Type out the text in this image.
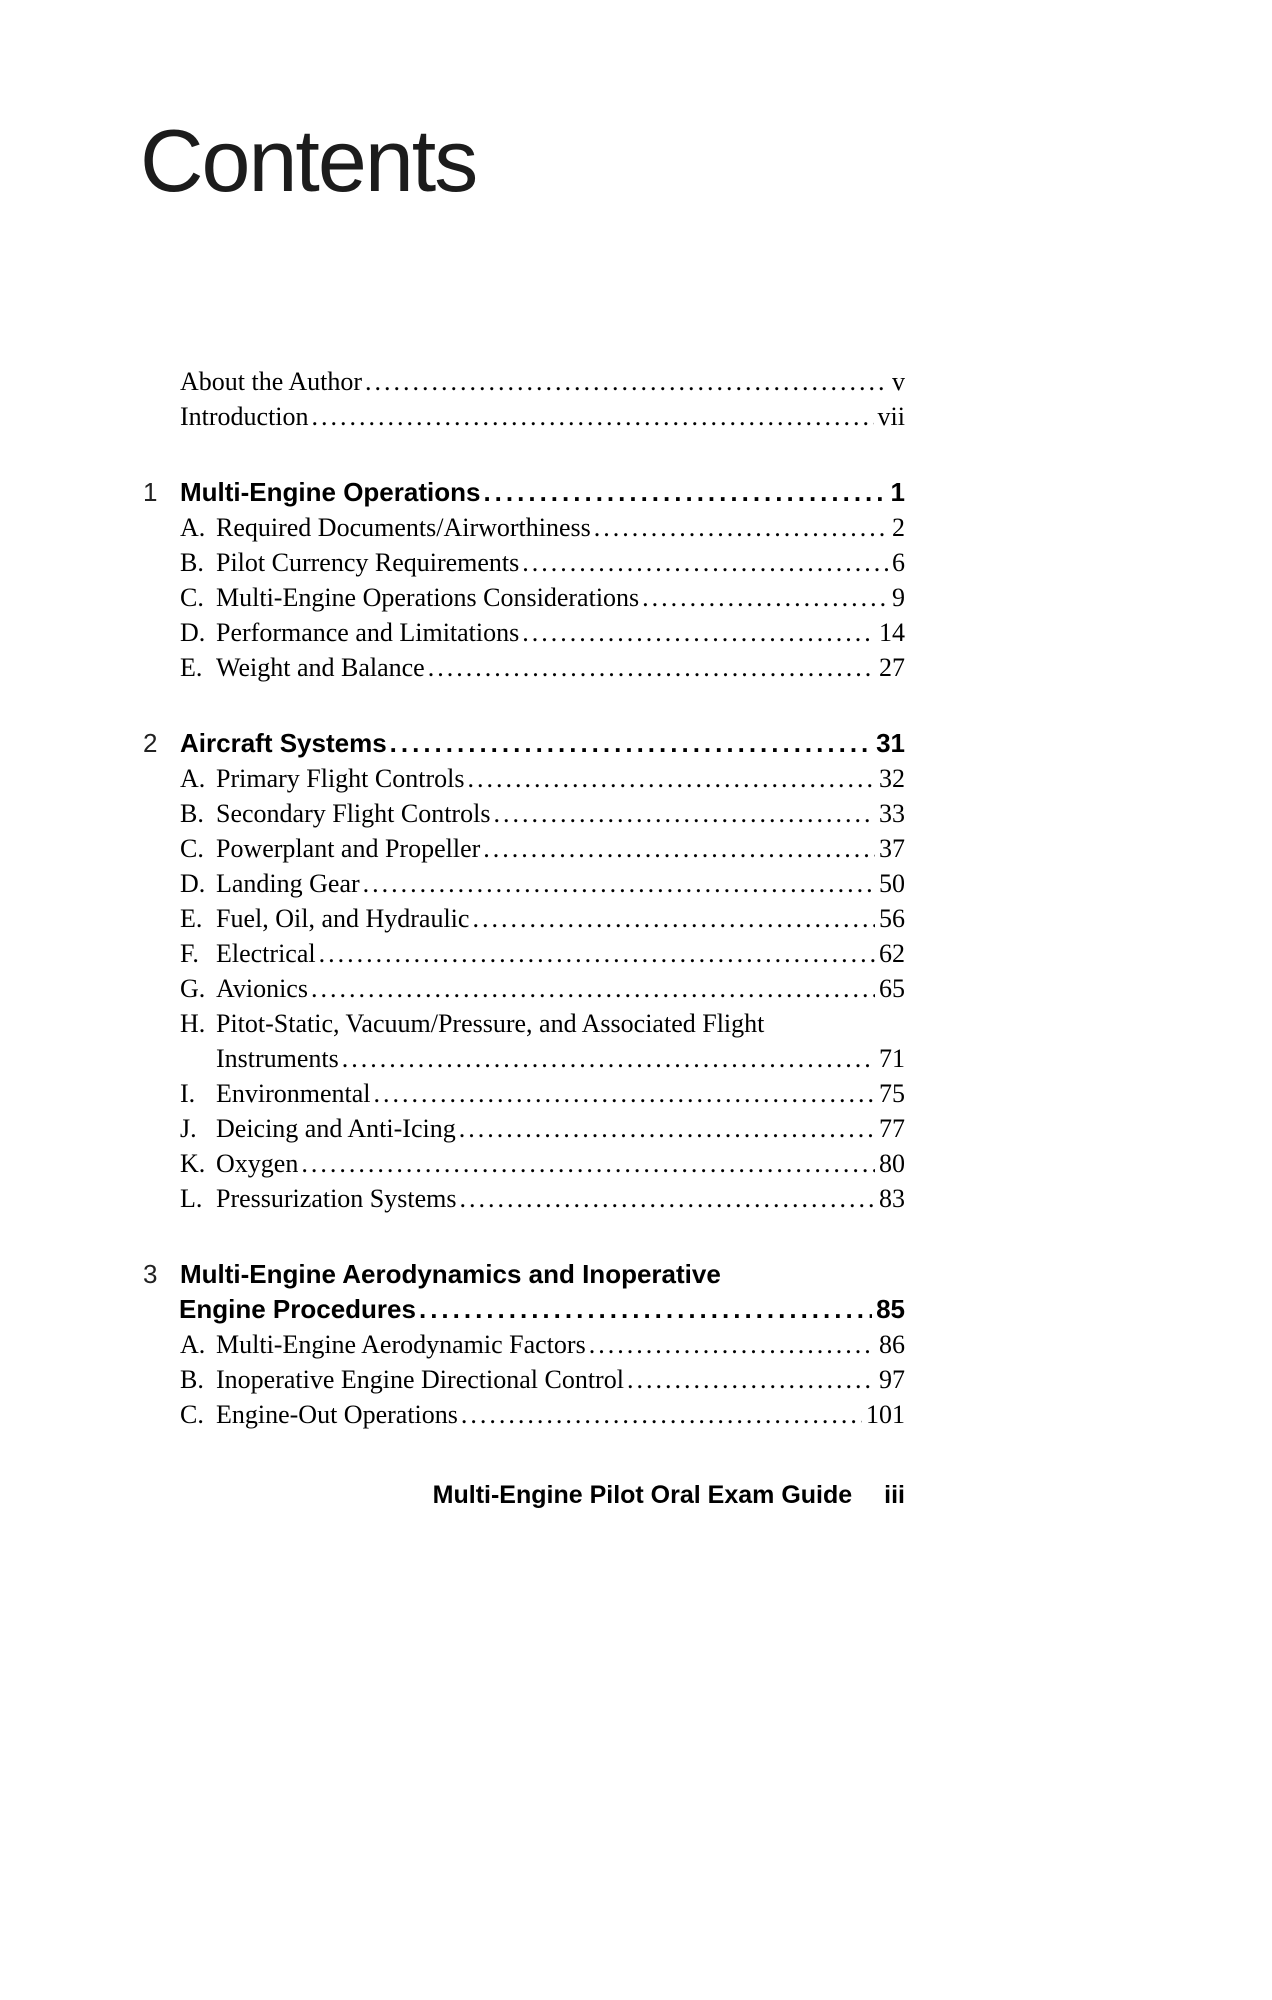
Contents
About the Author .....	v
Introduction .....	vii
1 Multi-Engine Operations .....	1
A. Required Documents/Airworthiness .....	2
B. Pilot Currency Requirements .....	6
C. Multi-Engine Operations Considerations .....	9
D. Performance and Limitations .....	14
E. Weight and Balance .....	27
2 Aircraft Systems .....	31
A. Primary Flight Controls .....	32
B. Secondary Flight Controls .....	33
C. Powerplant and Propeller .....	37
D. Landing Gear .....	50
E. Fuel, Oil, and Hydraulic .....	56
F. Electrical .....	62
G. Avionics .....	65
H. Pitot-Static, Vacuum/Pressure, and Associated Flight
Instruments .....	71
I. Environmental .....	75
J. Deicing and Anti-Icing .....	77
K. Oxygen .....	80
L. Pressurization Systems .....	83
3 Multi-Engine Aerodynamics and Inoperative
Engine Procedures .....	85
A. Multi-Engine Aerodynamic Factors .....	86
B. Inoperative Engine Directional Control .....	97
C. Engine-Out Operations .....	101
Multi-Engine Pilot Oral Exam Guide iii
